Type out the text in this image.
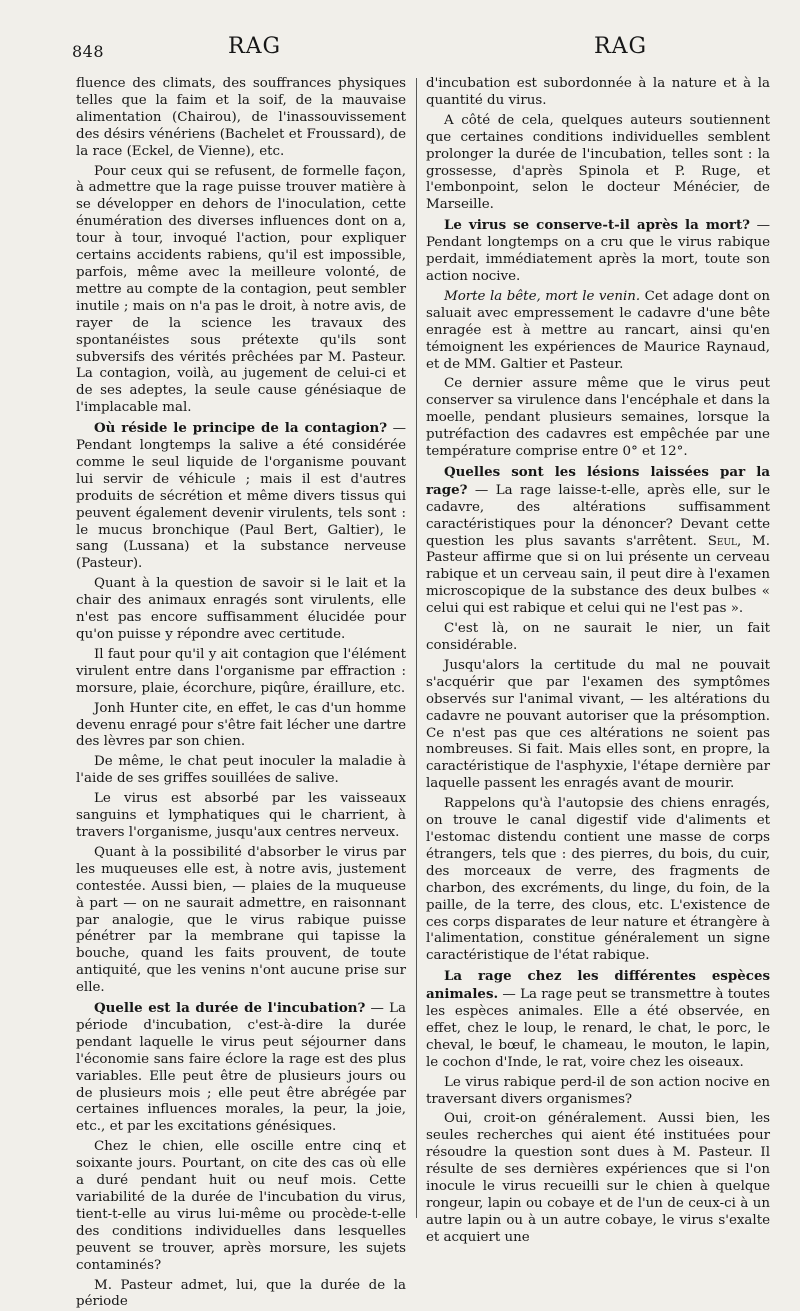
848	RAG	RAG

fluence des climats, des souffrances physiques telles que la faim et la soif, de la mauvaise alimentation (Chairou), de l'inassouvissement des désirs vénériens (Bachelet et Froussard), de la race (Eckel, de Vienne), etc.

Pour ceux qui se refusent, de formelle façon, à admettre que la rage puisse trouver matière à se développer en dehors de l'inoculation, cette énumération des diverses influences dont on a, tour à tour, invoqué l'action, pour expliquer certains accidents rabiens, qu'il est impossible, parfois, même avec la meilleure volonté, de mettre au compte de la contagion, peut sembler inutile ; mais on n'a pas le droit, à notre avis, de rayer de la science les travaux des spontanéistes sous prétexte qu'ils sont subversifs des vérités prêchées par M. Pasteur. La contagion, voilà, au jugement de celui-ci et de ses adeptes, la seule cause génésiaque de l'implacable mal.

Où réside le principe de la contagion? — Pendant longtemps la salive a été considérée comme le seul liquide de l'organisme pouvant lui servir de véhicule ; mais il est d'autres produits de sécrétion et même divers tissus qui peuvent également devenir virulents, tels sont : le mucus bronchique (Paul Bert, Galtier), le sang (Lussana) et la substance nerveuse (Pasteur).

Quant à la question de savoir si le lait et la chair des animaux enragés sont virulents, elle n'est pas encore suffisamment élucidée pour qu'on puisse y répondre avec certitude.

Il faut pour qu'il y ait contagion que l'élément virulent entre dans l'organisme par effraction : morsure, plaie, écorchure, piqûre, éraillure, etc.

Jonh Hunter cite, en effet, le cas d'un homme devenu enragé pour s'être fait lécher une dartre des lèvres par son chien.

De même, le chat peut inoculer la maladie à l'aide de ses griffes souillées de salive.

Le virus est absorbé par les vaisseaux sanguins et lymphatiques qui le charrient, à travers l'organisme, jusqu'aux centres nerveux.

Quant à la possibilité d'absorber le virus par les muqueuses elle est, à notre avis, justement contestée. Aussi bien, — plaies de la muqueuse à part — on ne saurait admettre, en raisonnant par analogie, que le virus rabique puisse pénétrer par la membrane qui tapisse la bouche, quand les faits prouvent, de toute antiquité, que les venins n'ont aucune prise sur elle.

Quelle est la durée de l'incubation? — La période d'incubation, c'est-à-dire la durée pendant laquelle le virus peut séjourner dans l'économie sans faire éclore la rage est des plus variables. Elle peut être de plusieurs jours ou de plusieurs mois ; elle peut être abrégée par certaines influences morales, la peur, la joie, etc., et par les excitations génésiques.

Chez le chien, elle oscille entre cinq et soixante jours. Pourtant, on cite des cas où elle a duré pendant huit ou neuf mois. Cette variabilité de la durée de l'incubation du virus, tient-t-elle au virus lui-même ou procède-t-elle des conditions individuelles dans lesquelles peuvent se trouver, après morsure, les sujets contaminés?

M. Pasteur admet, lui, que la durée de la période

d'incubation est subordonnée à la nature et à la quantité du virus.

A côté de cela, quelques auteurs soutiennent que certaines conditions individuelles semblent prolonger la durée de l'incubation, telles sont : la grossesse, d'après Spinola et P. Ruge, et l'embonpoint, selon le docteur Ménécier, de Marseille.

Le virus se conserve-t-il après la mort? — Pendant longtemps on a cru que le virus rabique perdait, immédiatement après la mort, toute son action nocive.

Morte la bête, mort le venin. Cet adage dont on saluait avec empressement le cadavre d'une bête enragée est à mettre au rancart, ainsi qu'en témoignent les expériences de Maurice Raynaud, et de MM. Galtier et Pasteur.

Ce dernier assure même que le virus peut conserver sa virulence dans l'encéphale et dans la moelle, pendant plusieurs semaines, lorsque la putréfaction des cadavres est empêchée par une température comprise entre 0° et 12°.

Quelles sont les lésions laissées par la rage? — La rage laisse-t-elle, après elle, sur le cadavre, des altérations suffisamment caractéristiques pour la dénoncer? Devant cette question les plus savants s'arrêtent. Seul, M. Pasteur affirme que si on lui présente un cerveau rabique et un cerveau sain, il peut dire à l'examen microscopique de la substance des deux bulbes « celui qui est rabique et celui qui ne l'est pas ».

C'est là, on ne saurait le nier, un fait considérable.

Jusqu'alors la certitude du mal ne pouvait s'acquérir que par l'examen des symptômes observés sur l'animal vivant, — les altérations du cadavre ne pouvant autoriser que la présomption. Ce n'est pas que ces altérations ne soient pas nombreuses. Si fait. Mais elles sont, en propre, la caractéristique de l'asphyxie, l'étape dernière par laquelle passent les enragés avant de mourir.

Rappelons qu'à l'autopsie des chiens enragés, on trouve le canal digestif vide d'aliments et l'estomac distendu contient une masse de corps étrangers, tels que : des pierres, du bois, du cuir, des morceaux de verre, des fragments de charbon, des excréments, du linge, du foin, de la paille, de la terre, des clous, etc. L'existence de ces corps disparates de leur nature et étrangère à l'alimentation, constitue généralement un signe caractéristique de l'état rabique.

La rage chez les différentes espèces animales. — La rage peut se transmettre à toutes les espèces animales. Elle a été observée, en effet, chez le loup, le renard, le chat, le porc, le cheval, le bœuf, le chameau, le mouton, le lapin, le cochon d'Inde, le rat, voire chez les oiseaux.

Le virus rabique perd-il de son action nocive en traversant divers organismes?

Oui, croit-on généralement. Aussi bien, les seules recherches qui aient été instituées pour résoudre la question sont dues à M. Pasteur. Il résulte de ses dernières expériences que si l'on inocule le virus recueilli sur le chien à quelque rongeur, lapin ou cobaye et de l'un de ceux-ci à un autre lapin ou à un autre cobaye, le virus s'exalte et acquiert une
